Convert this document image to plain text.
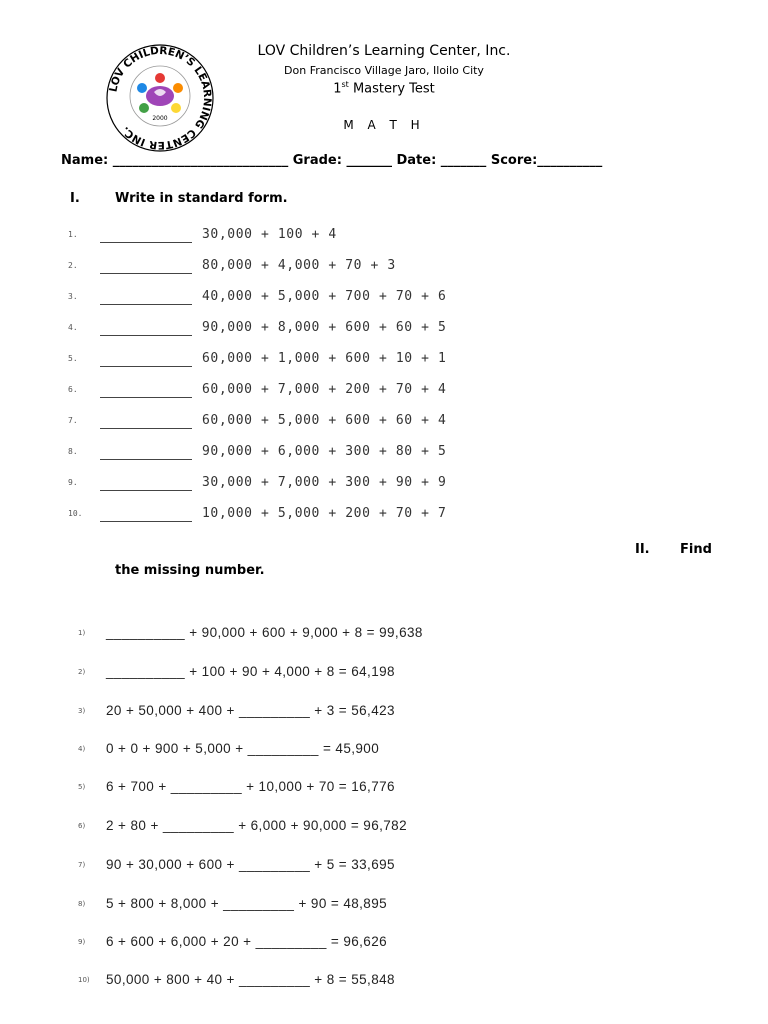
LOV CHILDREN’S LEARNING CENTER INC.
2000
LOV Children’s Learning Center, Inc.
Don Francisco Village Jaro, Iloilo City
1st Mastery Test
M A T H
Name: ___________________________ Grade: _______ Date: _______ Score:__________
I.	Write in standard form.
1.	30,000 + 100 + 4
2.	80,000 + 4,000 + 70 + 3
3.	40,000 + 5,000 + 700 + 70 + 6
4.	90,000 + 8,000 + 600 + 60 + 5
5.	60,000 + 1,000 + 600 + 10 + 1
6.	60,000 + 7,000 + 200 + 70 + 4
7.	60,000 + 5,000 + 600 + 60 + 4
8.	90,000 + 6,000 + 300 + 80 + 5
9.	30,000 + 7,000 + 300 + 90 + 9
10.	10,000 + 5,000 + 200 + 70 + 7
II. Find
the missing number.
1) __________ + 90,000 + 600 + 9,000 + 8 = 99,638
2) __________ + 100 + 90 + 4,000 + 8 = 64,198
3) 20 + 50,000 + 400 + _________ + 3 = 56,423
4) 0 + 0 + 900 + 5,000 + _________ = 45,900
5) 6 + 700 + _________ + 10,000 + 70 = 16,776
6) 2 + 80 + _________ + 6,000 + 90,000 = 96,782
7) 90 + 30,000 + 600 + _________ + 5 = 33,695
8) 5 + 800 + 8,000 + _________ + 90 = 48,895
9) 6 + 600 + 6,000 + 20 + _________ = 96,626
10) 50,000 + 800 + 40 + _________ + 8 = 55,848
